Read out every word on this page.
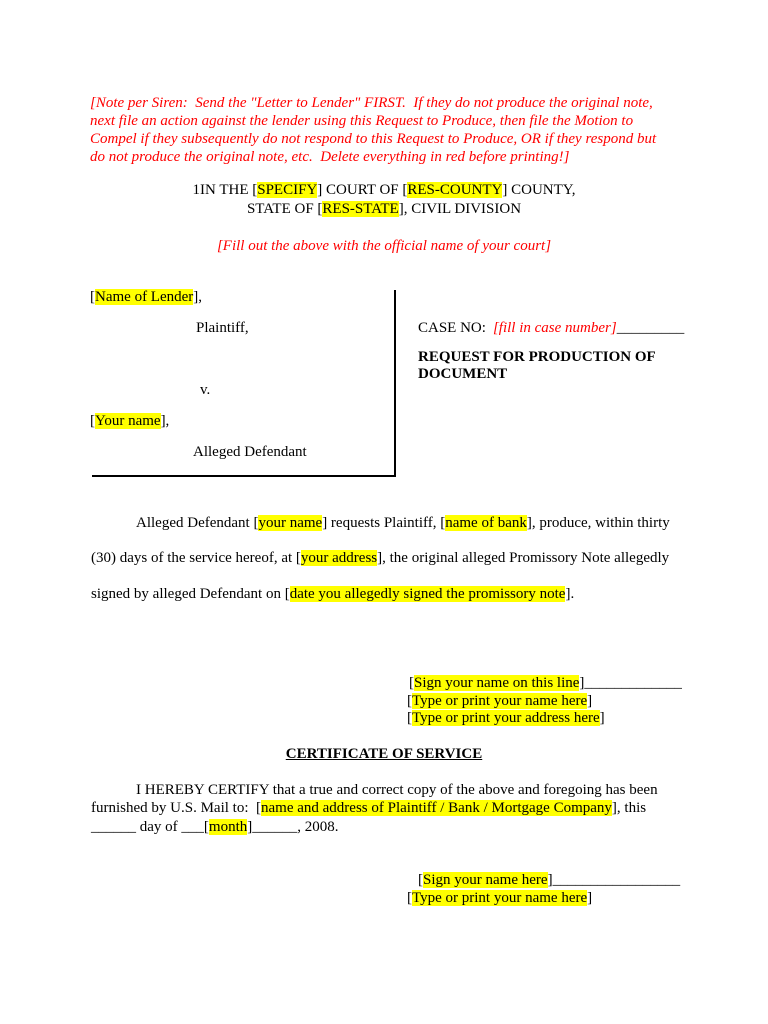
[Note per Siren:  Send the "Letter to Lender" FIRST.  If they do not produce the original note,
next file an action against the lender using this Request to Produce, then file the Motion to
Compel if they subsequently do not respond to this Request to Produce, OR if they respond but
do not produce the original note, etc.  Delete everything in red before printing!]
1IN THE [SPECIFY] COURT OF [RES-COUNTY] COUNTY,
STATE OF [RES-STATE], CIVIL DIVISION
[Fill out the above with the official name of your court]
[Name of Lender],
Plaintiff,
v.
[Your name],
Alleged Defendant
CASE NO: [fill in case number]_________
REQUEST FOR PRODUCTION OF
DOCUMENT
Alleged Defendant [your name] requests Plaintiff, [name of bank], produce, within thirty
(30) days of the service hereof, at [your address], the original alleged Promissory Note allegedly
signed by alleged Defendant on [date you allegedly signed the promissory note].
[Sign your name on this line]_____________
[Type or print your name here]
[Type or print your address here]
CERTIFICATE OF SERVICE
I HEREBY CERTIFY that a true and correct copy of the above and foregoing has been
furnished by U.S. Mail to:  [name and address of Plaintiff / Bank / Mortgage Company], this
______ day of ___[month]______, 2008.
[Sign your name here]_________________
[Type or print your name here]
